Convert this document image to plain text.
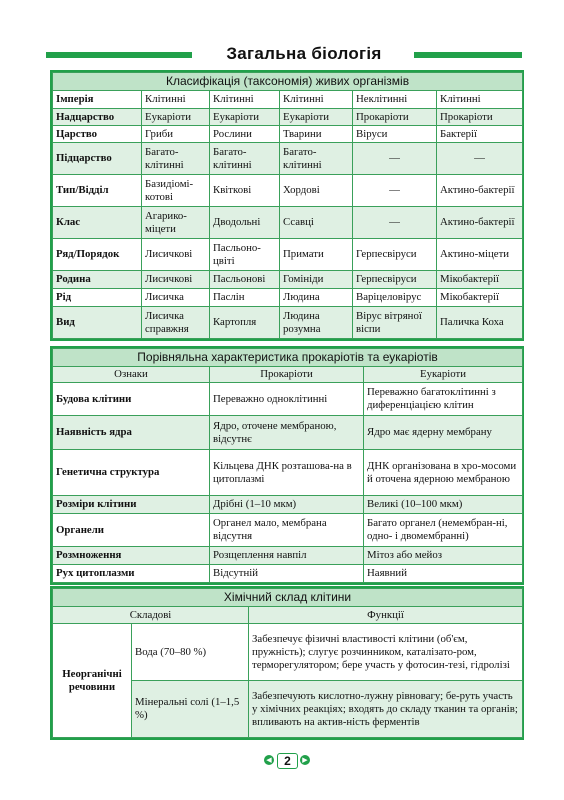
Загальна біологія
Класифікація (таксономія) живих організмів					
Імперія	Клітинні	Клітинні	Клітинні	Неклітинні	Клітинні
Надцарство	Еукаріоти	Еукаріоти	Еукаріоти	Прокаріоти	Прокаріоти
Царство	Гриби	Рослини	Тварини	Віруси	Бактерії
Підцарство	Багато-клітинні	Багато-клітинні	Багато-клітинні	—	—
Тип/Відділ	Базидіомі-котові	Квіткові	Хордові	—	Актино-бактерії
Клас	Агарико-міцети	Дводольні	Ссавці	—	Актино-бактерії
Ряд/Порядок	Лисичкові	Пасльоно-цвіті	Примати	Герпесвіруси	Актино-міцети
Родина	Лисичкові	Пасльонові	Гомініди	Герпесвіруси	Мікобактерії
Рід	Лисичка	Паслін	Людина	Варіцеловірус	Мікобактерії
Вид	Лисичка справжня	Картопля	Людина розумна	Вірус вітряної віспи	Паличка Коха
Порівняльна характеристика прокаріотів та еукаріотів		
Ознаки	Прокаріоти	Еукаріоти
Будова клітини	Переважно одноклітинні	Переважно багатоклітинні з диференціацією клітин
Наявність ядра	Ядро, оточене мембраною, відсутнє	Ядро має ядерну мембрану
Генетична структура	Кільцева ДНК розташова-на в цитоплазмі	ДНК організована в хро-мосоми й оточена ядерною мембраною
Розміри клітини	Дрібні (1–10 мкм)	Великі (10–100 мкм)
Органели	Органел мало, мембрана відсутня	Багато органел (немембран-ні, одно- і двомембранні)
Розмноження	Розщеплення навпіл	Мітоз або мейоз
Рух цитоплазми	Відсутній	Наявний
Хімічний склад клітини		
Складові		Функції
Неорганічні речовини	Вода (70–80 %)	Забезпечує фізичні властивості клітини (об'єм, пружність); слугує розчинником, каталізато-ром, терморегулятором; бере участь у фотосин-тезі, гідролізі
	Мінеральні солі (1–1,5 %)	Забезпечують кислотно-лужну рівновагу; бе-руть участь у хімічних реакціях; входять до складу тканин та органів; впливають на актив-ність ферментів
◀	2	▶
